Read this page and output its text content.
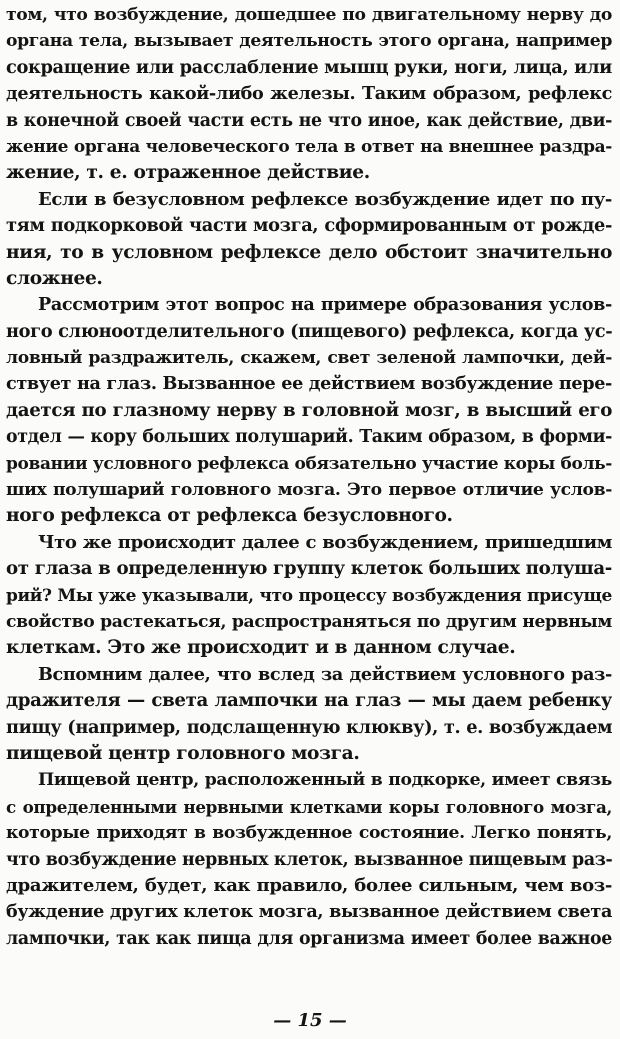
том, что возбуждение, дошедшее по двигательному нерву до
органа тела, вызывает деятельность этого органа, например
сокращение или расслабление мышц руки, ноги, лица, или
деятельность какой-либо железы. Таким образом, рефлекс
в конечной своей части есть не что иное, как действие, дви-
жение органа человеческого тела в ответ на внешнее раздра-
жение, т. е. отраженное действие.
Если в безусловном рефлексе возбуждение идет по пу-
тям подкорковой части мозга, сформированным от рожде-
ния, то в условном рефлексе дело обстоит значительно
сложнее.
Рассмотрим этот вопрос на примере образования услов-
ного слюноотделительного (пищевого) рефлекса, когда ус-
ловный раздражитель, скажем, свет зеленой лампочки, дей-
ствует на глаз. Вызванное ее действием возбуждение пере-
дается по глазному нерву в головной мозг, в высший его
отдел — кору больших полушарий. Таким образом, в форми-
ровании условного рефлекса обязательно участие коры боль-
ших полушарий головного мозга. Это первое отличие услов-
ного рефлекса от рефлекса безусловного.
Что же происходит далее с возбуждением, пришедшим
от глаза в определенную группу клеток больших полуша-
рий? Мы уже указывали, что процессу возбуждения присуще
свойство растекаться, распространяться по другим нервным
клеткам. Это же происходит и в данном случае.
Вспомним далее, что вслед за действием условного раз-
дражителя — света лампочки на глаз — мы даем ребенку
пищу (например, подслащенную клюкву), т. е. возбуждаем
пищевой центр головного мозга.
Пищевой центр, расположенный в подкорке, имеет связь
с определенными нервными клетками коры головного мозга,
которые приходят в возбужденное состояние. Легко понять,
что возбуждение нервных клеток, вызванное пищевым раз-
дражителем, будет, как правило, более сильным, чем воз-
буждение других клеток мозга, вызванное действием света
лампочки, так как пища для организма имеет более важное
— 15 —
